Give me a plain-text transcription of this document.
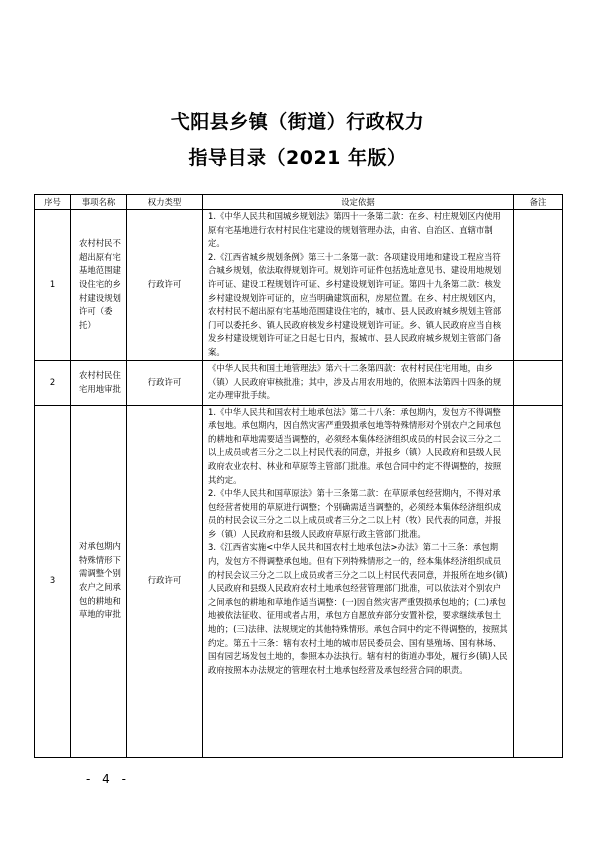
弋阳县乡镇（街道）行政权力
指导目录（2021 年版）
序号	事项名称	权力类型	设定依据	备注
1	农村村民不超出原有宅基地范围建设住宅的乡村建设规划许可（委托）	行政许可	1.《中华人民共和国城乡规划法》第四十一条第二款：在乡、村庄规划区内使用原有宅基地进行农村村民住宅建设的规划管理办法，由省、自治区、直辖市制定。

2.《江西省城乡规划条例》第三十二条第一款：各项建设用地和建设工程应当符合城乡规划，依法取得规划许可。规划许可证件包括选址意见书、建设用地规划许可证、建设工程规划许可证、乡村建设规划许可证。第四十九条第二款：核发乡村建设规划许可证的，应当明确建筑面积，房屋位置。在乡、村庄规划区内，农村村民不超出原有宅基地范围建设住宅的，城市、县人民政府城乡规划主管部门可以委托乡、镇人民政府核发乡村建设规划许可证。乡、镇人民政府应当自核发乡村建设规划许可证之日起七日内，报城市、县人民政府城乡规划主管部门备案。	

2	农村村民住宅用地审批	行政许可	《中华人民共和国土地管理法》第六十二条第四款：农村村民住宅用地，由乡（镇）人民政府审核批准；其中，涉及占用农用地的，依照本法第四十四条的规定办理审批手续。	

3	对承包期内特殊情形下需调整个别农户之间承包的耕地和草地的审批	行政许可	1.《中华人民共和国农村土地承包法》第二十八条：承包期内，发包方不得调整承包地。承包期内，因自然灾害严重毁损承包地等特殊情形对个别农户之间承包的耕地和草地需要适当调整的，必须经本集体经济组织成员的村民会议三分之二以上成员或者三分之二以上村民代表的同意，并报乡（镇）人民政府和县级人民政府农业农村、林业和草原等主管部门批准。承包合同中约定不得调整的，按照其约定。

2.《中华人民共和国草原法》第十三条第二款：在草原承包经营期内，不得对承包经营者使用的草原进行调整；个别确需适当调整的，必须经本集体经济组织成员的村民会议三分之二以上成员或者三分之二以上村（牧）民代表的同意，并报乡（镇）人民政府和县级人民政府草原行政主管部门批准。

3.《江西省实施<中华人民共和国农村土地承包法>办法》第二十三条：承包期内，发包方不得调整承包地。但有下列特殊情形之一的，经本集体经济组织成员的村民会议三分之二以上成员或者三分之二以上村民代表同意，并报所在地乡(镇)人民政府和县级人民政府农村土地承包经营管理部门批准，可以依法对个别农户之间承包的耕地和草地作适当调整：(一)因自然灾害严重毁损承包地的；(二)承包地被依法征收、征用或者占用，承包方自愿放弃部分安置补偿，要求继续承包土地的；(三)法律、法规规定的其他特殊情形。承包合同中约定不得调整的，按照其约定。第五十三条：辖有农村土地的城市居民委员会、国有垦殖场、国有林场、国有园艺场发包土地的，参照本办法执行。辖有村的街道办事处，履行乡(镇)人民政府按照本办法规定的管理农村土地承包经营及承包经营合同的职责。	

- 4 -
